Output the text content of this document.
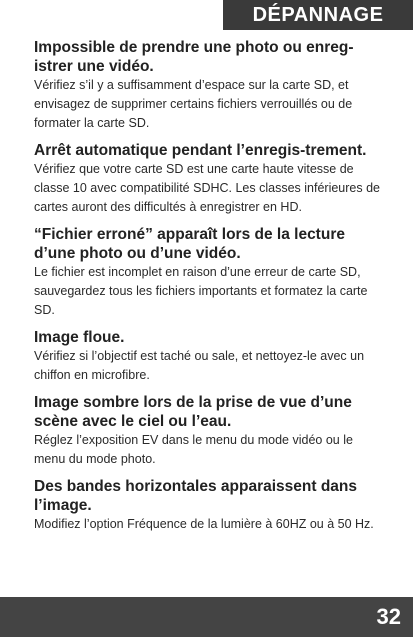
DÉPANNAGE

Impossible de prendre une photo ou enreg-istrer une vidéo.

Vérifiez s’il y a suffisamment d’espace sur la carte SD, et envisagez de supprimer certains fichiers verrouillés ou de formater la carte SD.

Arrêt automatique pendant l’enregis-trement.

Vérifiez que votre carte SD est une carte haute vitesse de classe 10 avec compatibilité SDHC. Les classes inférieures de cartes auront des difficultés à enregistrer en HD.

“Fichier erroné” apparaît lors de la lecture d’une photo ou d’une vidéo.

Le fichier est incomplet en raison d’une erreur de carte SD, sauvegardez tous les fichiers importants et formatez la carte SD.

Image floue.

Vérifiez si l’objectif est taché ou sale, et nettoyez-le avec un chiffon en microfibre.

Image sombre lors de la prise de vue d’une scène avec le ciel ou l’eau.

Réglez l’exposition EV dans le menu du mode vidéo ou le menu du mode photo.

Des bandes horizontales apparaissent dans l’image.

Modifiez l’option Fréquence de la lumière à 60HZ ou à 50 Hz.

32
